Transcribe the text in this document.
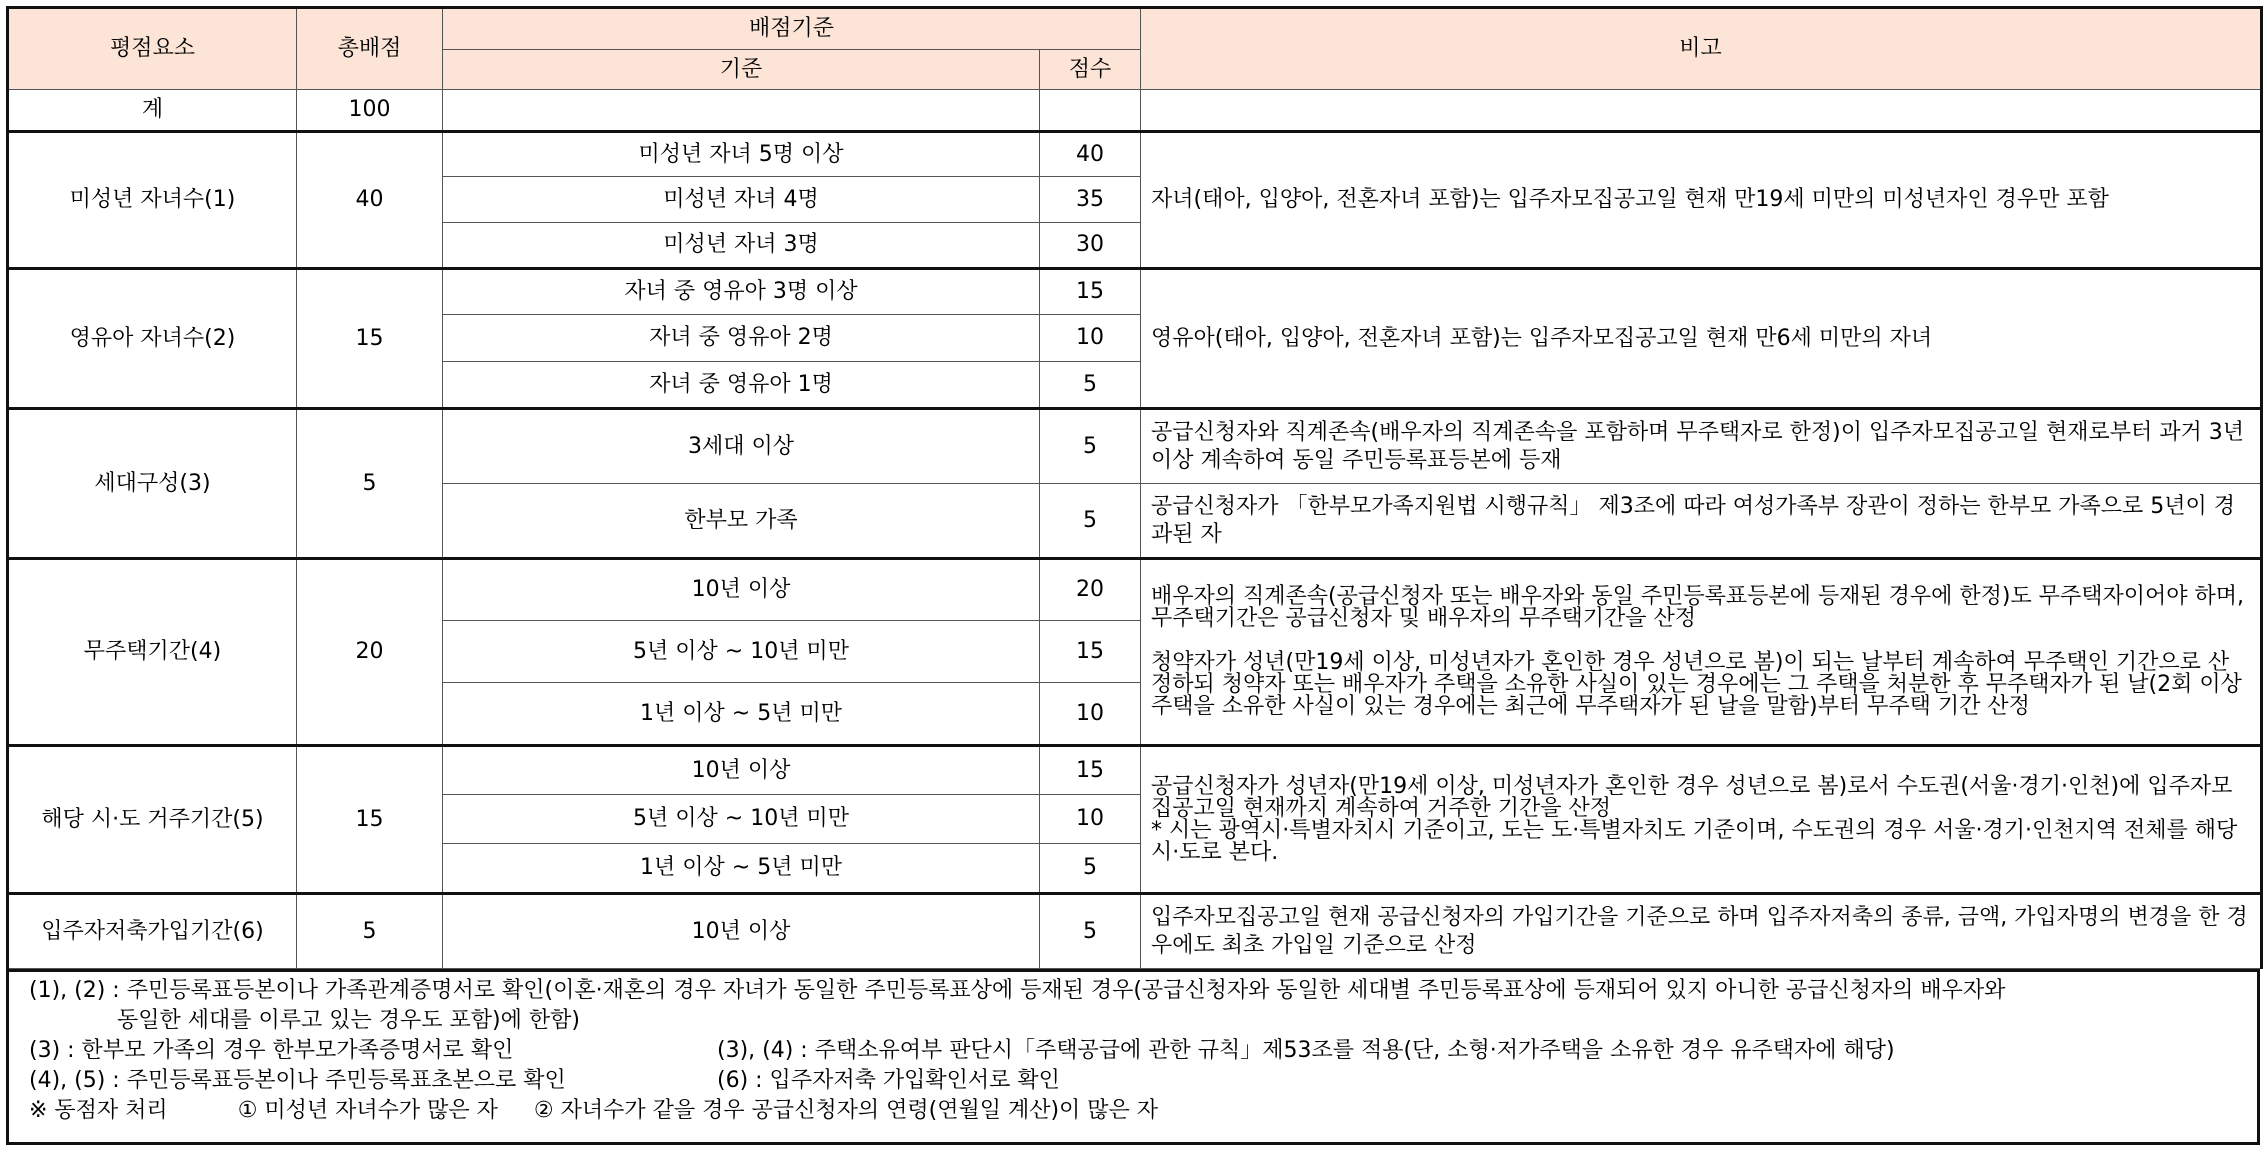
평점요소	총배점	배점기준		비고
		기준	점수	
계	100			
미성년 자녀수(1)	40	미성년 자녀 5명 이상	40	자녀(태아, 입양아, 전혼자녀 포함)는 입주자모집공고일 현재 만19세 미만의 미성년자인 경우만 포함
		미성년 자녀 4명	35	
		미성년 자녀 3명	30	
영유아 자녀수(2)	15	자녀 중 영유아 3명 이상	15	영유아(태아, 입양아, 전혼자녀 포함)는 입주자모집공고일 현재 만6세 미만의 자녀
		자녀 중 영유아 2명	10	
		자녀 중 영유아 1명	5	
세대구성(3)	5	3세대 이상	5	공급신청자와 직계존속(배우자의 직계존속을 포함하며 무주택자로 한정)이 입주자모집공고일 현재로부터 과거 3년 이상 계속하여 동일 주민등록표등본에 등재
		한부모 가족	5	공급신청자가 「한부모가족지원법 시행규칙」 제3조에 따라 여성가족부 장관이 정하는 한부모 가족으로 5년이 경과된 자
무주택기간(4)	20	10년 이상	20	배우자의 직계존속(공급신청자 또는 배우자와 동일 주민등록표등본에 등재된 경우에 한정)도 무주택자이어야 하며, 무주택기간은 공급신청자 및 배우자의 무주택기간을 산정
청약자가 성년(만19세 이상, 미성년자가 혼인한 경우 성년으로 봄)이 되는 날부터 계속하여 무주택인 기간으로 산정하되 청약자 또는 배우자가 주택을 소유한 사실이 있는 경우에는 그 주택을 처분한 후 무주택자가 된 날(2회 이상 주택을 소유한 사실이 있는 경우에는 최근에 무주택자가 된 날을 말함)부터 무주택 기간 산정

		5년 이상 ~ 10년 미만	15	
		1년 이상 ~ 5년 미만	10	
해당 시·도 거주기간(5)	15	10년 이상	15	공급신청자가 성년자(만19세 이상, 미성년자가 혼인한 경우 성년으로 봄)로서 수도권(서울·경기·인천)에 입주자모집공고일 현재까지 계속하여 거주한 기간을 산정
* 시는 광역시·특별자치시 기준이고, 도는 도·특별자치도 기준이며, 수도권의 경우 서울·경기·인천지역 전체를 해당 시·도로 본다.

		5년 이상 ~ 10년 미만	10	
		1년 이상 ~ 5년 미만	5	
입주자저축가입기간(6)	5	10년 이상	5	입주자모집공고일 현재 공급신청자의 가입기간을 기준으로 하며 입주자저축의 종류, 금액, 가입자명의 변경을 한 경우에도 최초 가입일 기준으로 산정
(1), (2) : 주민등록표등본이나 가족관계증명서로 확인(이혼·재혼의 경우 자녀가 동일한 주민등록표상에 등재된 경우(공급신청자와 동일한 세대별 주민등록표상에 등재되어 있지 아니한 공급신청자의 배우자와
동일한 세대를 이루고 있는 경우도 포함)에 한함)
(3) : 한부모 가족의 경우 한부모가족증명서로 확인	(3), (4) : 주택소유여부 판단시「주택공급에 관한 규칙」제53조를 적용(단, 소형·저가주택을 소유한 경우 유주택자에 해당)
(4), (5) : 주민등록표등본이나 주민등록표초본으로 확인	(6) : 입주자저축 가입확인서로 확인
※ 동점자 처리	① 미성년 자녀수가 많은 자 ② 자녀수가 같을 경우 공급신청자의 연령(연월일 계산)이 많은 자
